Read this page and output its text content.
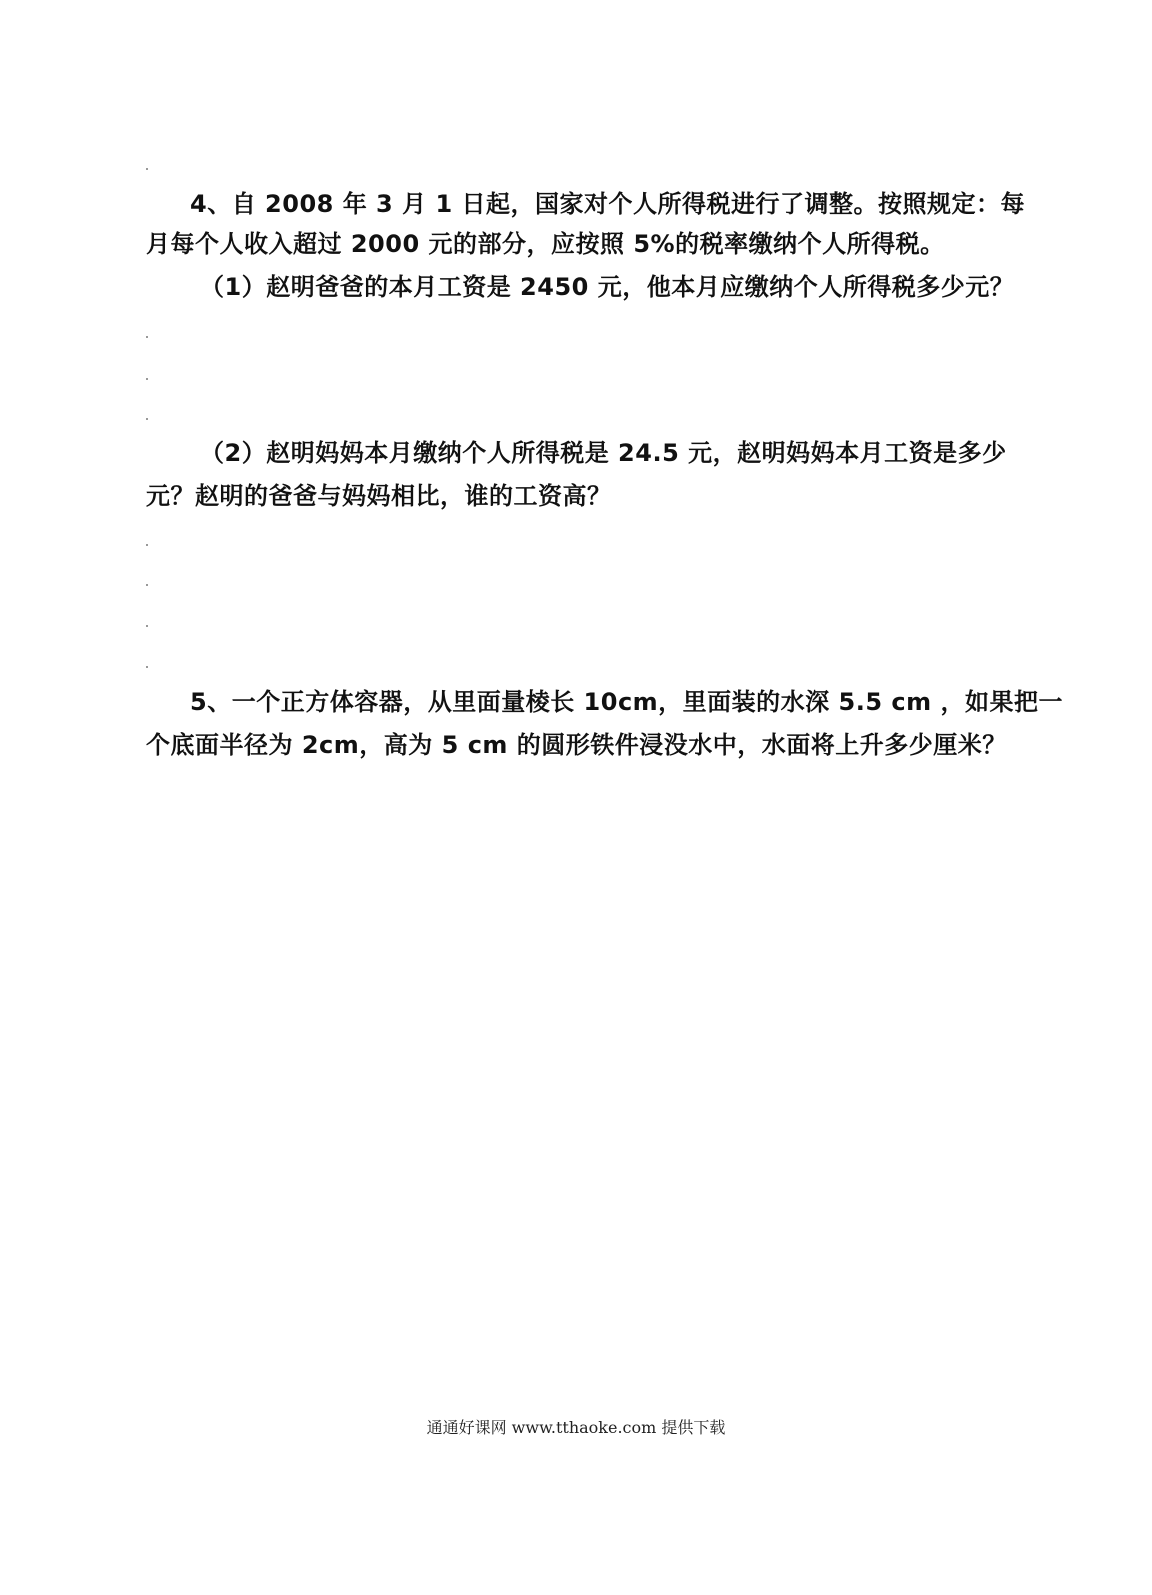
4、自 2008 年 3 月 1 日起，国家对个人所得税进行了调整。按照规定：每
月每个人收入超过 2000 元的部分，应按照 5%的税率缴纳个人所得税。
（1）赵明爸爸的本月工资是 2450 元，他本月应缴纳个人所得税多少元？
（2）赵明妈妈本月缴纳个人所得税是 24.5 元，赵明妈妈本月工资是多少
元？赵明的爸爸与妈妈相比，谁的工资高？
5、一个正方体容器，从里面量棱长 10cm，里面装的水深 5.5 cm ，如果把一
个底面半径为 2cm，高为 5 cm 的圆形铁件浸没水中，水面将上升多少厘米？
通通好课网 www.tthaoke.com 提供下载
